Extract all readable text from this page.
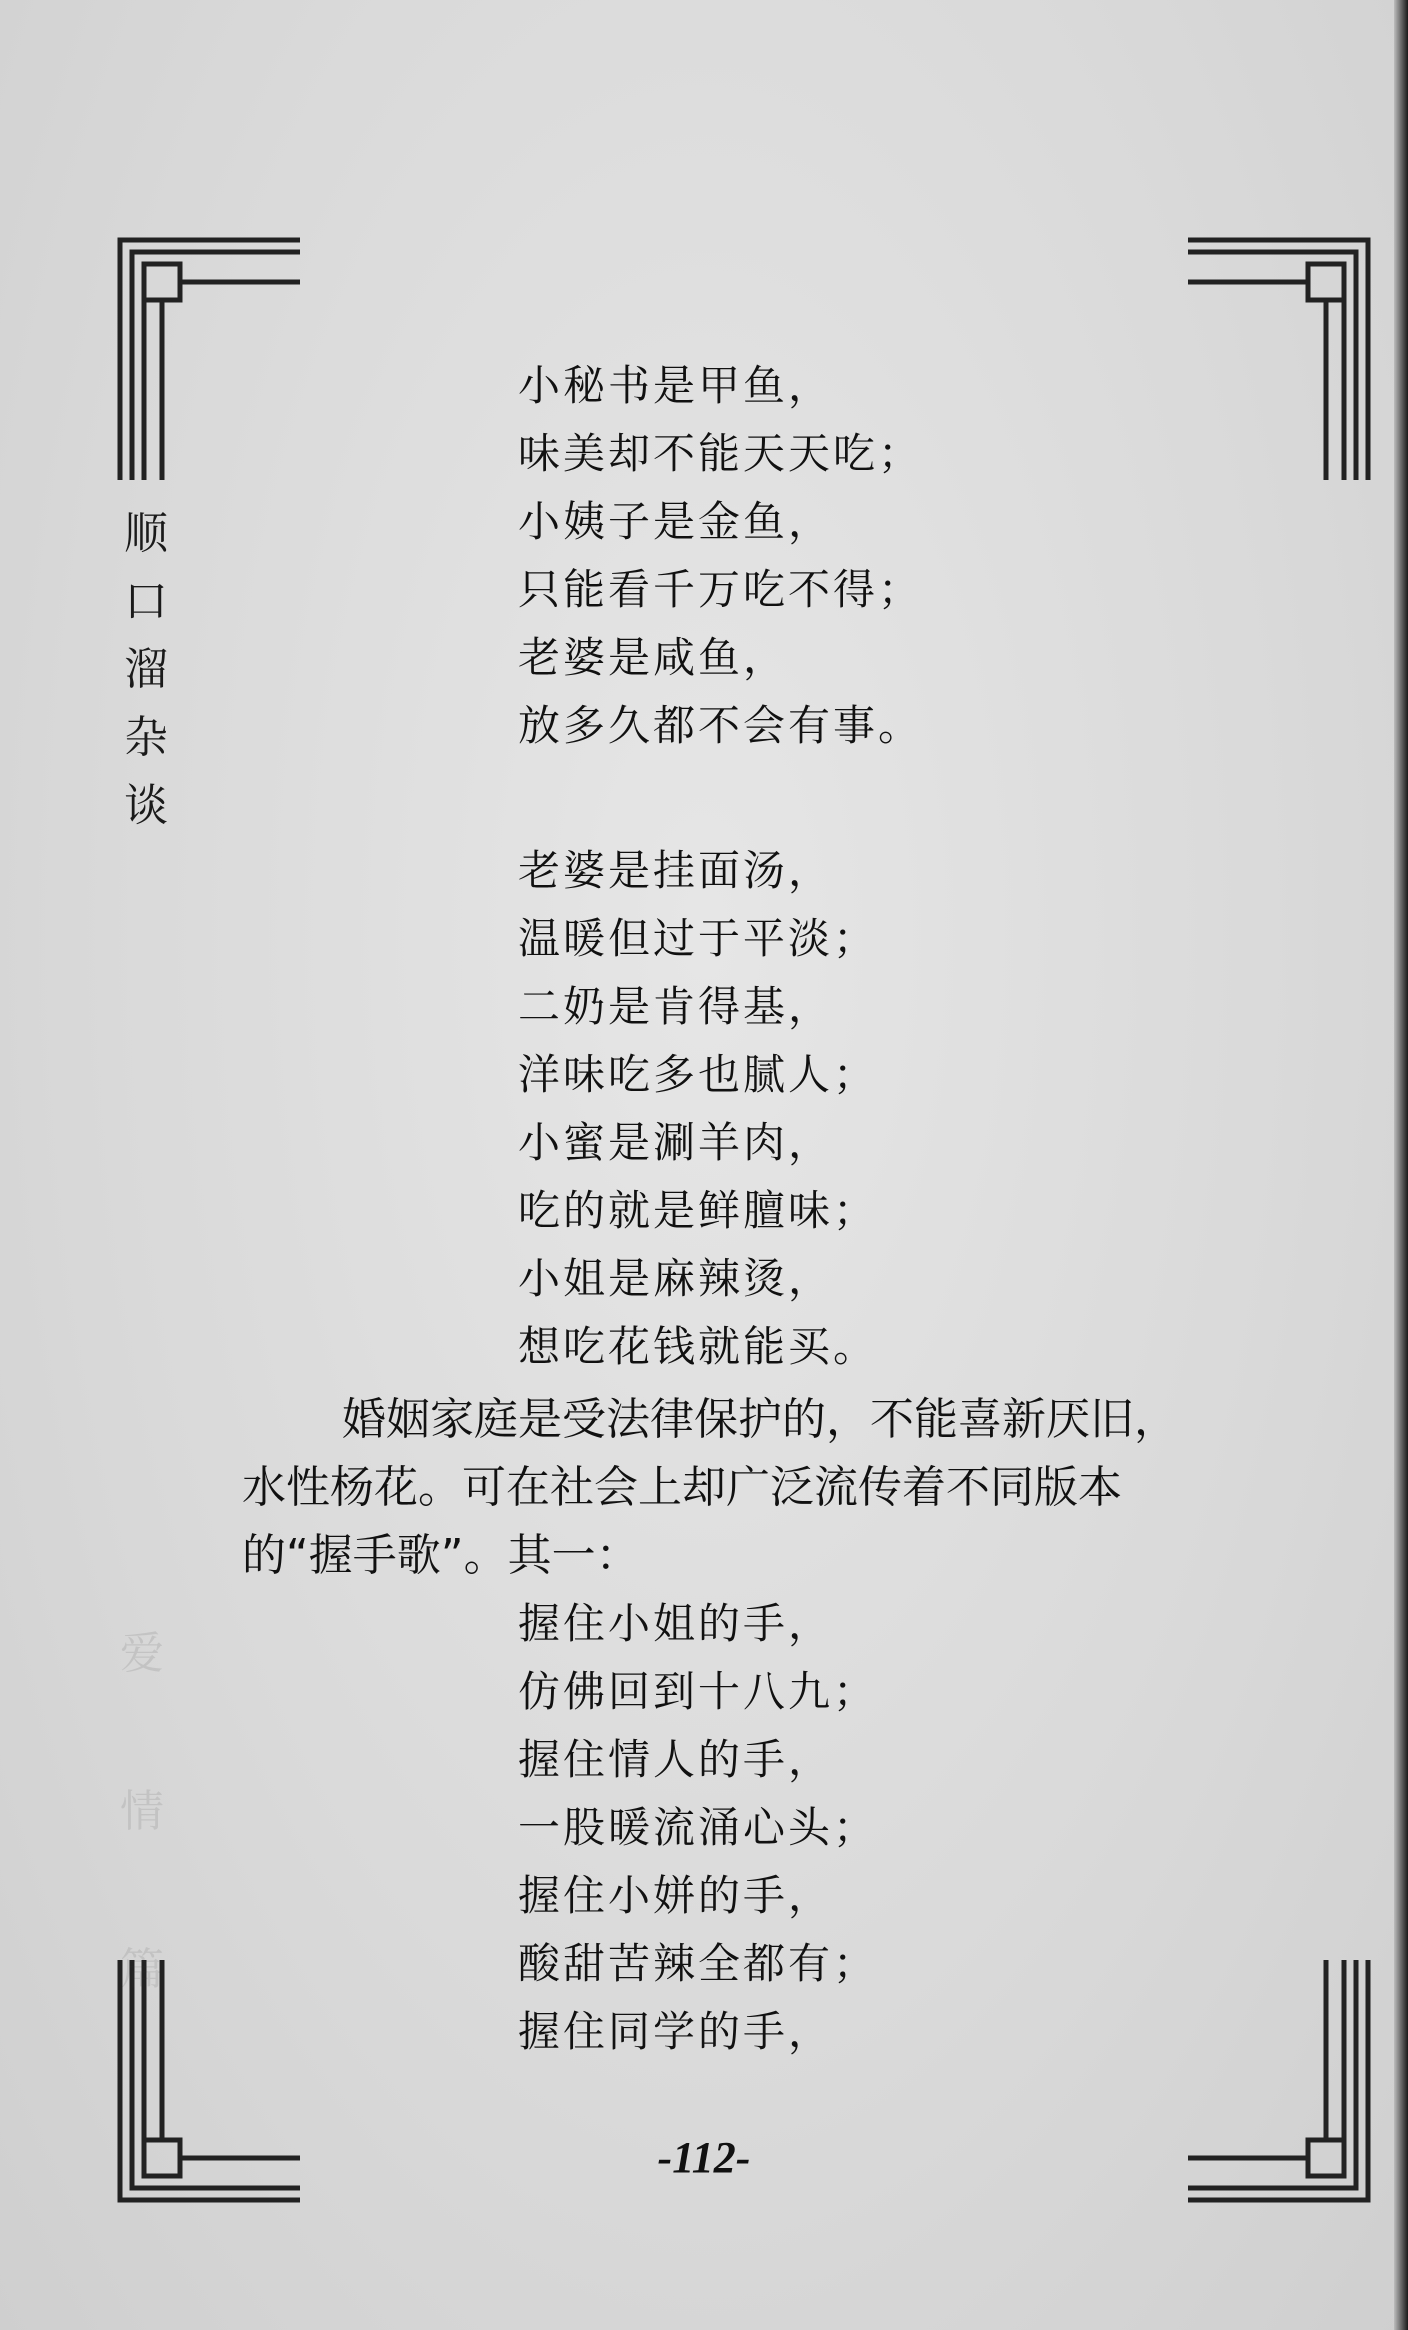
顺
口
溜
杂
谈
爱
情
篇
小秘书是甲鱼，
味美却不能天天吃；
小姨子是金鱼，
只能看千万吃不得；
老婆是咸鱼，
放多久都不会有事。
老婆是挂面汤，
温暖但过于平淡；
二奶是肯得基，
洋味吃多也腻人；
小蜜是涮羊肉，
吃的就是鲜膻味；
小姐是麻辣烫，
想吃花钱就能买。

婚姻家庭是受法律保护的，不能喜新厌旧，

水性杨花。可在社会上却广泛流传着不同版本

的“握手歌”。其一：

握住小姐的手，
仿佛回到十八九；
握住情人的手，
一股暖流涌心头；
握住小姘的手，
酸甜苦辣全都有；
握住同学的手，
-112-
